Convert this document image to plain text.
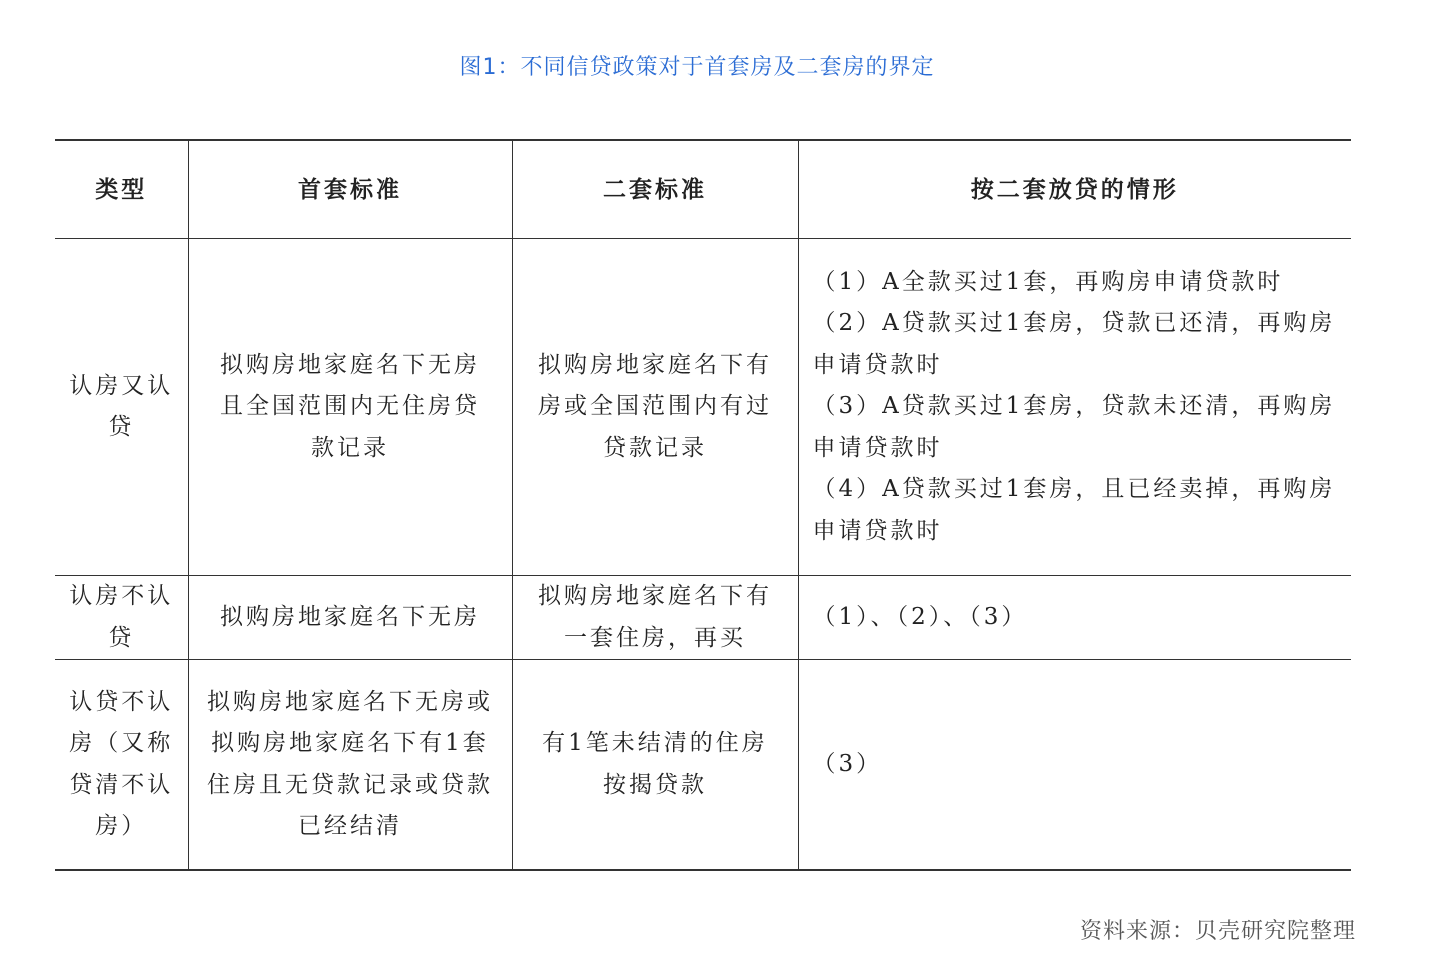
图1：不同信贷政策对于首套房及二套房的界定
类型	首套标准	二套标准	按二套放贷的情形
认房又认贷	拟购房地家庭名下无房且全国范围内无住房贷款记录	拟购房地家庭名下有房或全国范围内有过贷款记录	（1）A全款买过1套，再购房申请贷款时
（2）A贷款买过1套房，贷款已还清，再购房申请贷款时
（3）A贷款买过1套房，贷款未还清，再购房申请贷款时
（4）A贷款买过1套房，且已经卖掉，再购房申请贷款时

认房不认贷	拟购房地家庭名下无房	拟购房地家庭名下有一套住房，再买	（1）、（2）、（3）

认贷不认房（又称贷清不认房）	拟购房地家庭名下无房或
拟购房地家庭名下有1套住房且无贷款记录或贷款已经结清	有1笔未结清的住房按揭贷款	（3）
资料来源：贝壳研究院整理
